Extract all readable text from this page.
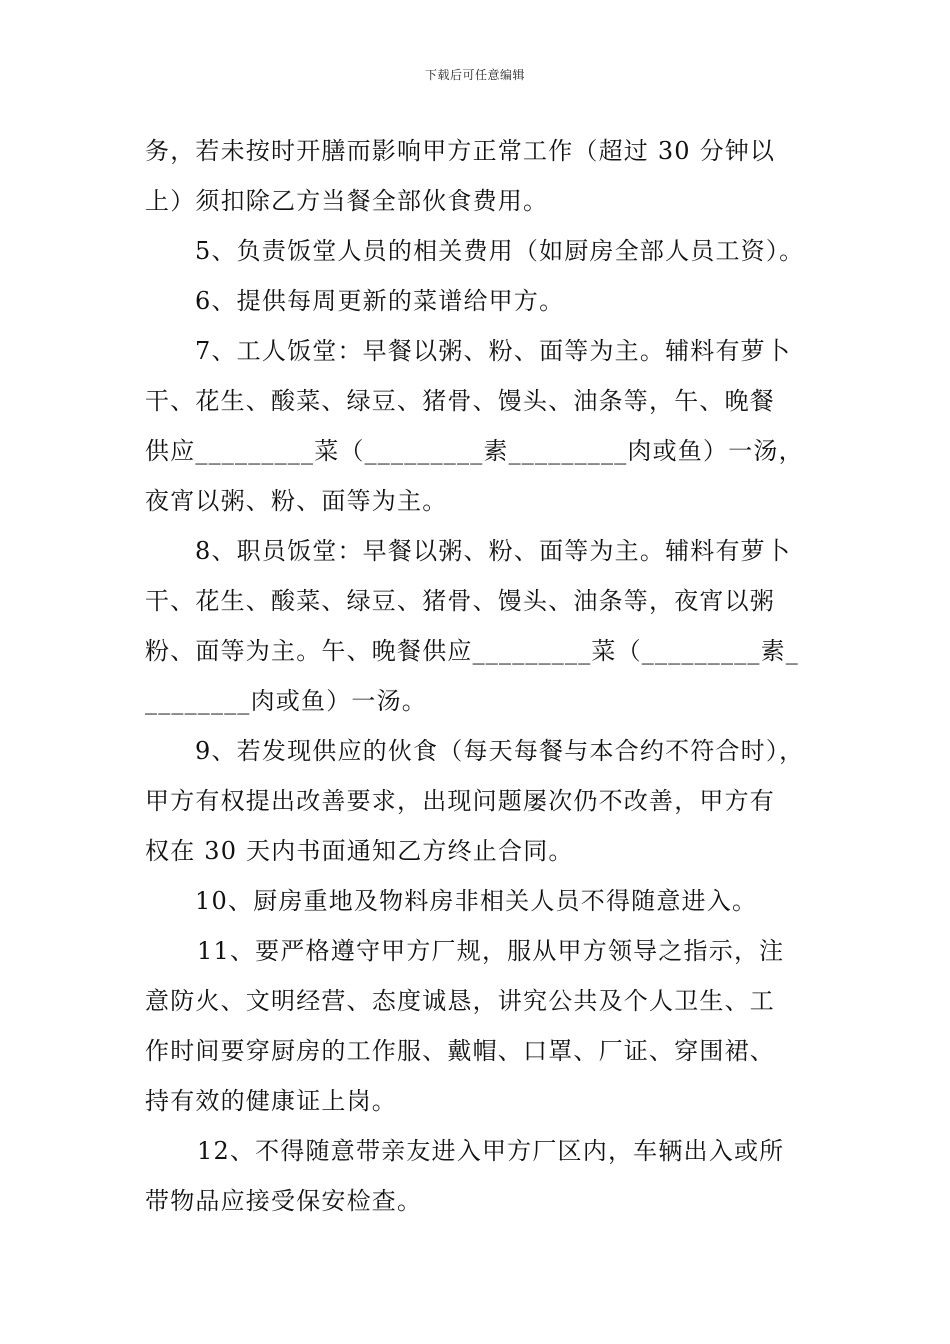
下载后可任意编辑
务，若未按时开膳而影响甲方正常工作（超过 30 分钟以
上）须扣除乙方当餐全部伙食费用。
5、负责饭堂人员的相关费用（如厨房全部人员工资）。
6、提供每周更新的菜谱给甲方。
7、工人饭堂：早餐以粥、粉、面等为主。辅料有萝卜
干、花生、酸菜、绿豆、猪骨、馒头、油条等，午、晚餐
供应_________菜（_________素_________肉或鱼）一汤，
夜宵以粥、粉、面等为主。
8、职员饭堂：早餐以粥、粉、面等为主。辅料有萝卜
干、花生、酸菜、绿豆、猪骨、馒头、油条等，夜宵以粥
粉、面等为主。午、晚餐供应_________菜（_________素_
________肉或鱼）一汤。
9、若发现供应的伙食（每天每餐与本合约不符合时），
甲方有权提出改善要求，出现问题屡次仍不改善，甲方有
权在 30 天内书面通知乙方终止合同。
10、厨房重地及物料房非相关人员不得随意进入。
11、要严格遵守甲方厂规，服从甲方领导之指示，注
意防火、文明经营、态度诚恳，讲究公共及个人卫生、工
作时间要穿厨房的工作服、戴帽、口罩、厂证、穿围裙、
持有效的健康证上岗。
12、不得随意带亲友进入甲方厂区内，车辆出入或所
带物品应接受保安检查。
